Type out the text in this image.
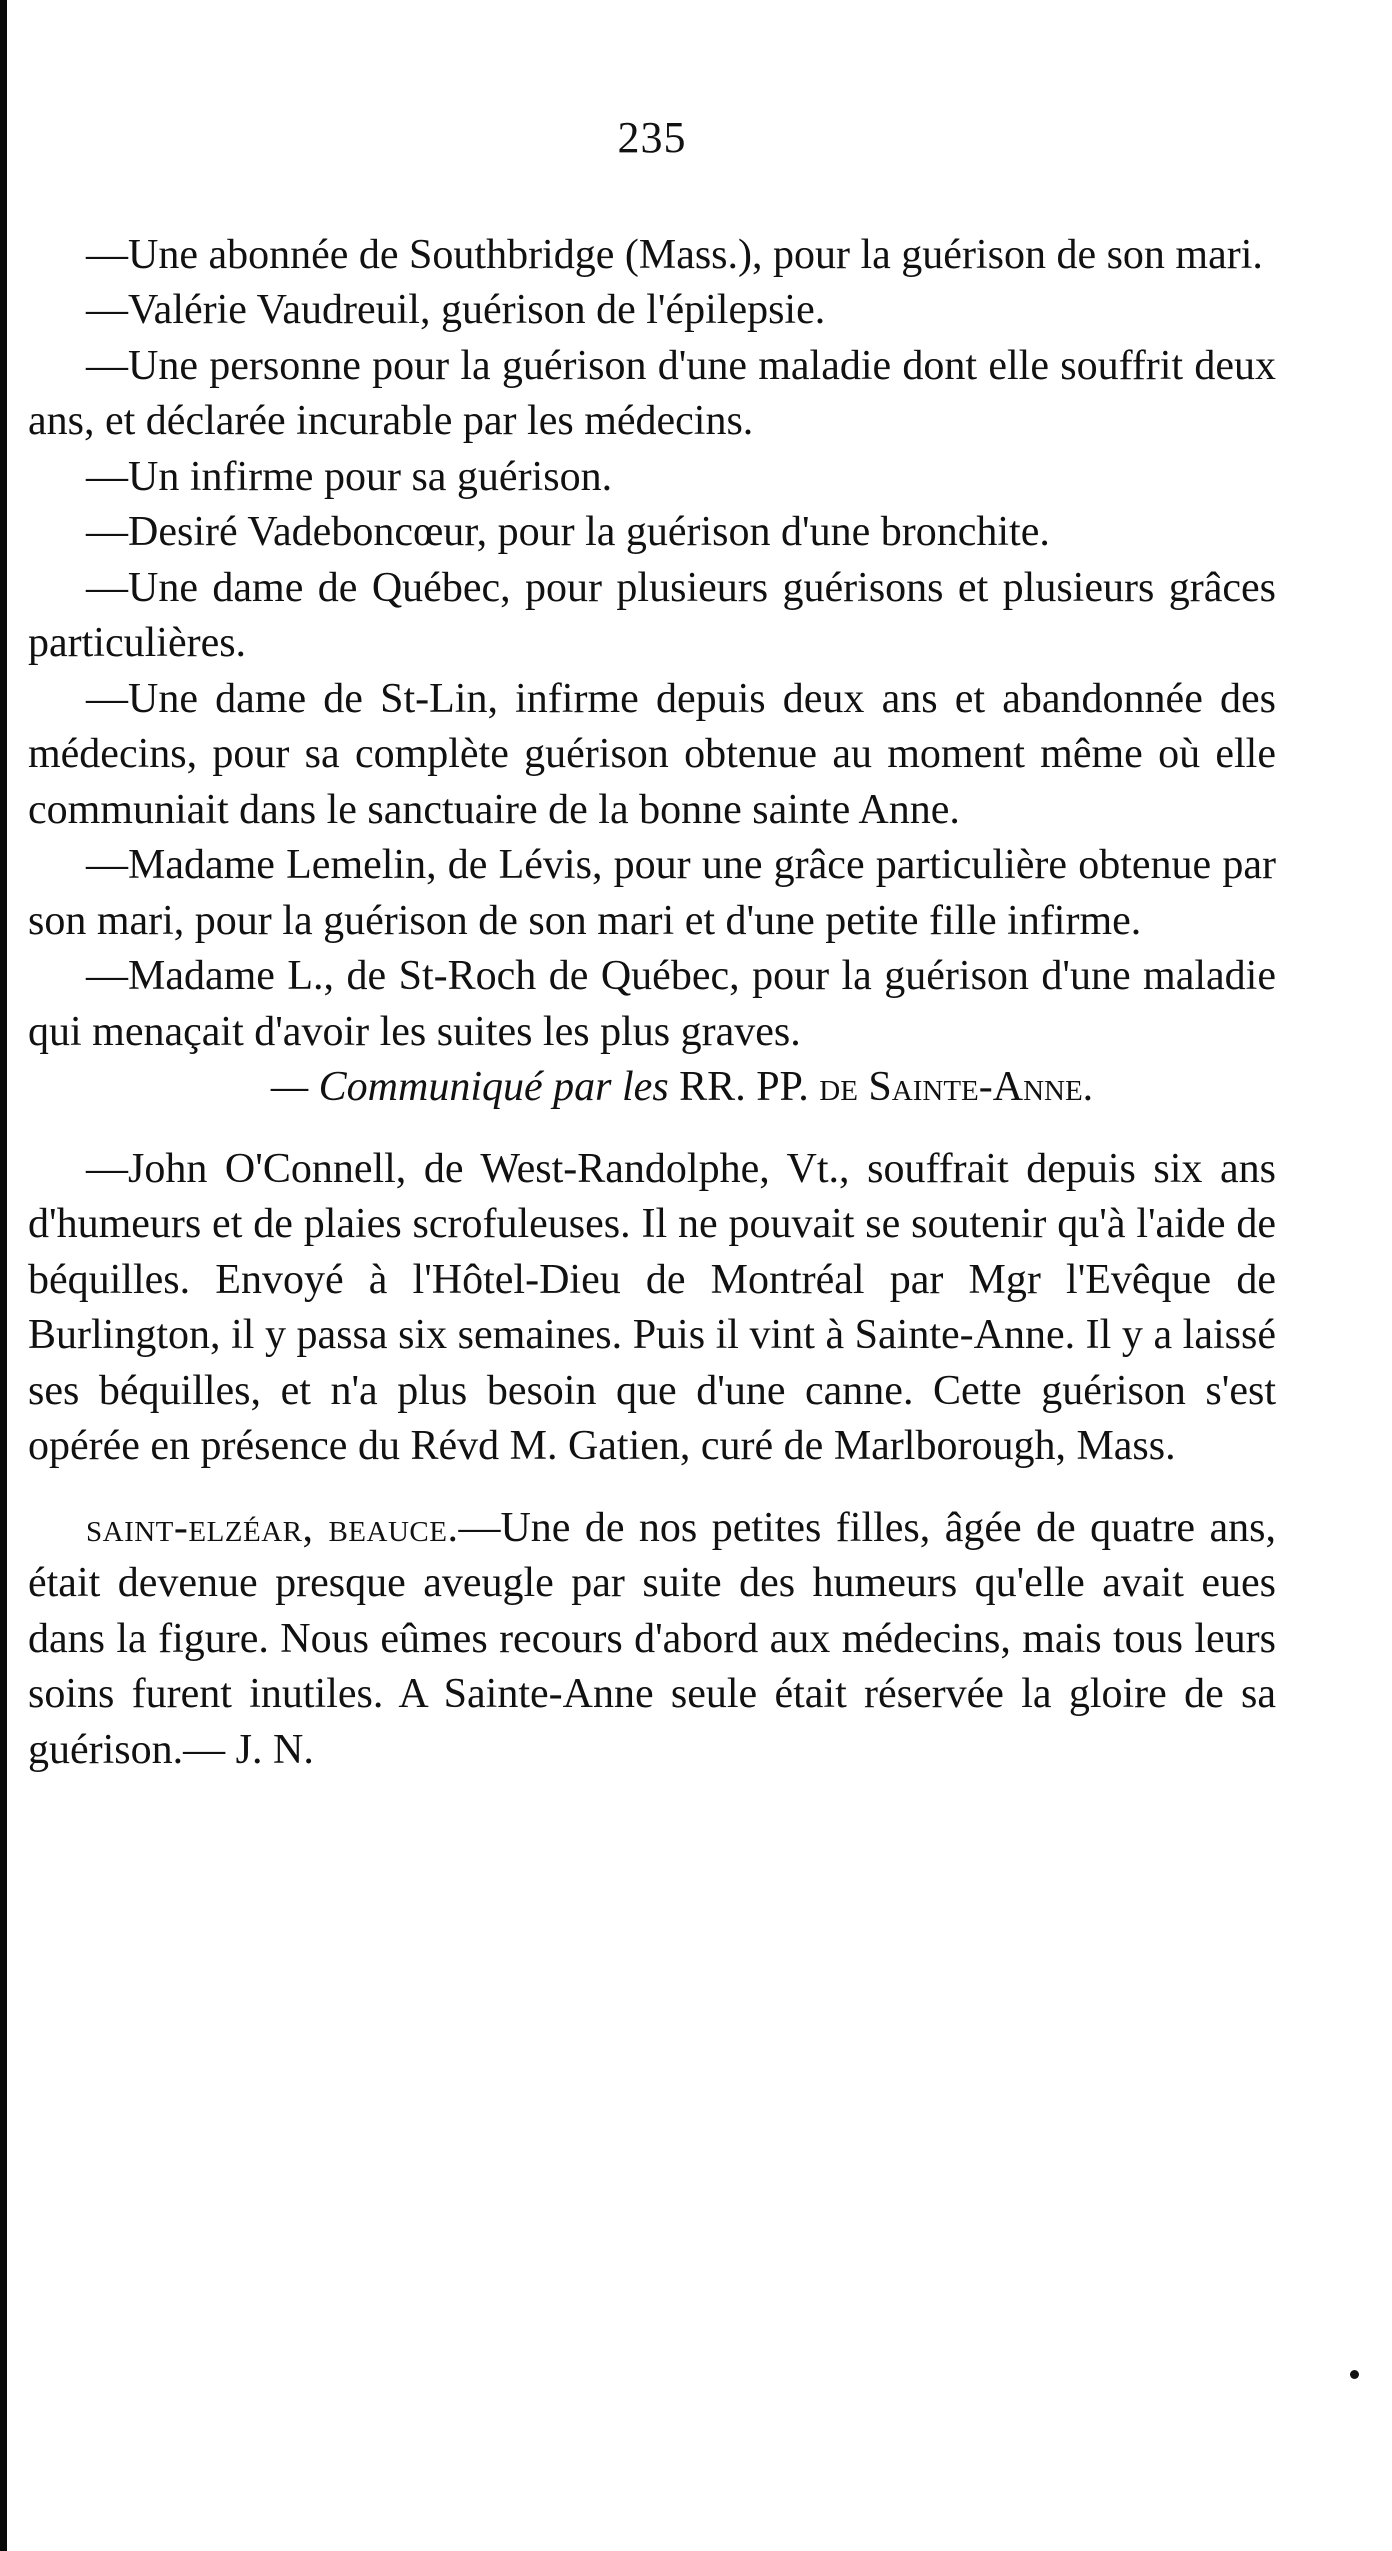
235

—Une abonnée de Southbridge (Mass.), pour la guérison de son mari.

—Valérie Vaudreuil, guérison de l'épilepsie.

—Une personne pour la guérison d'une maladie dont elle souffrit deux ans, et déclarée incurable par les médecins.

—Un infirme pour sa guérison.

—Desiré Vadeboncœur, pour la guérison d'une bronchite.

—Une dame de Québec, pour plusieurs guérisons et plusieurs grâces particulières.

—Une dame de St-Lin, infirme depuis deux ans et abandonnée des médecins, pour sa complète guérison obtenue au moment même où elle communiait dans le sanctuaire de la bonne sainte Anne.

—Madame Lemelin, de Lévis, pour une grâce particulière obtenue par son mari, pour la guérison de son mari et d'une petite fille infirme.

—Madame L., de St-Roch de Québec, pour la guérison d'une maladie qui menaçait d'avoir les suites les plus graves.

— Communiqué par les RR. PP. de Sainte-Anne.

—John O'Connell, de West-Randolphe, Vt., souffrait depuis six ans d'humeurs et de plaies scrofuleuses. Il ne pouvait se soutenir qu'à l'aide de béquilles. Envoyé à l'Hôtel-Dieu de Montréal par Mgr l'Evêque de Burlington, il y passa six semaines. Puis il vint à Sainte-Anne. Il y a laissé ses béquilles, et n'a plus besoin que d'une canne. Cette guérison s'est opérée en présence du Révd M. Gatien, curé de Marlborough, Mass.

saint-elzéar, beauce.—Une de nos petites filles, âgée de quatre ans, était devenue presque aveugle par suite des humeurs qu'elle avait eues dans la figure. Nous eûmes recours d'abord aux médecins, mais tous leurs soins furent inutiles. A Sainte-Anne seule était réservée la gloire de sa guérison.— J. N.
